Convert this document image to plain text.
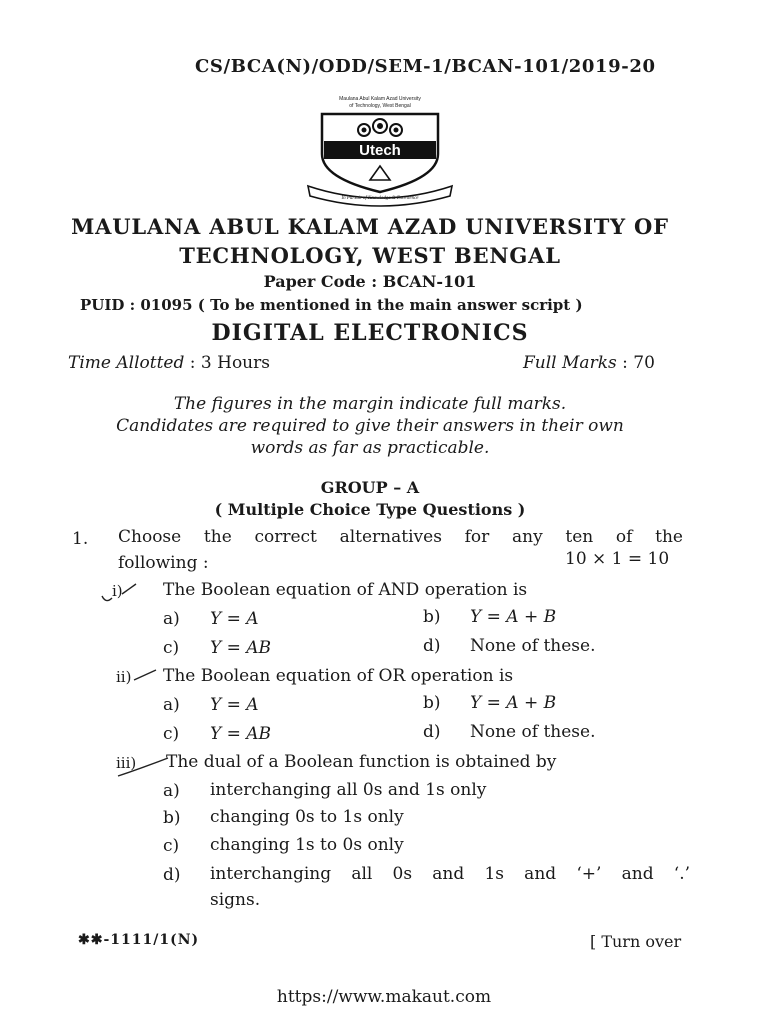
CS/BCA(N)/ODD/SEM-1/BCAN-101/2019-20
Maulana Abul Kalam Azad University
of Technology, West Bengal
Utech
In Pursuit of Knowledge & Excellence
MAULANA ABUL KALAM AZAD UNIVERSITY OF
TECHNOLOGY, WEST BENGAL
Paper Code : BCAN-101
PUID : 01095 ( To be mentioned in the main answer script )
DIGITAL ELECTRONICS
Time Allotted : 3 Hours	Full Marks : 70
The figures in the margin indicate full marks.
Candidates are required to give their answers in their own
words as far as practicable.
GROUP – A
( Multiple Choice Type Questions )
1. Choose the correct alternatives for any ten of the
following :	10 × 1 = 10
i) The Boolean equation of AND operation is
a) Y = A	b) Y = A + B
c) Y = AB	d) None of these.
ii) The Boolean equation of OR operation is
a) Y = A	b) Y = A + B
c) Y = AB	d) None of these.
iii) The dual of a Boolean function is obtained by
a) interchanging all 0s and 1s only
b) changing 0s to 1s only
c) changing 1s to 0s only
d) interchanging all 0s and 1s and ‘+’ and ‘.’
signs.
✱✱-1111/1(N)	[ Turn over
https://www.makaut.com
